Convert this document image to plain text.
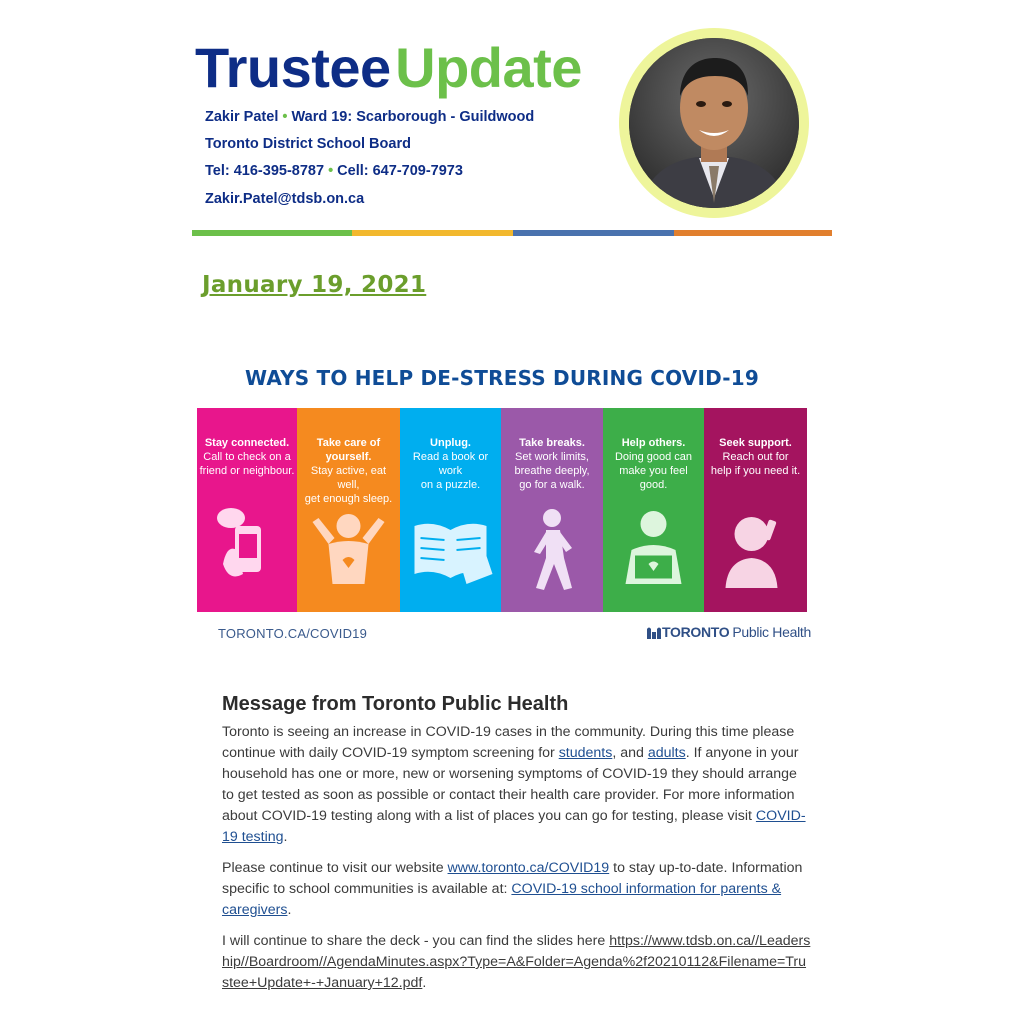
Trustee Update
Zakir Patel • Ward 19: Scarborough - Guildwood
Toronto District School Board
Tel: 416-395-8787 • Cell: 647-709-7973
Zakir.Patel@tdsb.on.ca
January 19, 2021
WAYS TO HELP DE-STRESS DURING COVID-19
Stay connected.
Call to check on a
friend or neighbour.
Take care of yourself.
Stay active, eat well,
get enough sleep.
Unplug.
Read a book or work
on a puzzle.
Take breaks.
Set work limits,
breathe deeply,
go for a walk.
Help others.
Doing good can
make you feel good.
Seek support.
Reach out for
help if you need it.
TORONTO.CA/COVID19	TORONTO Public Health
Message from Toronto Public Health

Toronto is seeing an increase in COVID-19 cases in the community. During this time please continue with daily COVID-19 symptom screening for students, and adults. If anyone in your household has one or more, new or worsening symptoms of COVID-19 they should arrange to get tested as soon as possible or contact their health care provider. For more information about COVID-19 testing along with a list of places you can go for testing, please visit COVID-19 testing.

Please continue to visit our website www.toronto.ca/COVID19 to stay up-to-date. Information specific to school communities is available at: COVID-19 school information for parents & caregivers.

I will continue to share the deck - you can find the slides here https://www.tdsb.on.ca//Leadership//Boardroom//AgendaMinutes.aspx?Type=A&Folder=Agenda%2f20210112&Filename=Trustee+Update+-+January+12.pdf.
